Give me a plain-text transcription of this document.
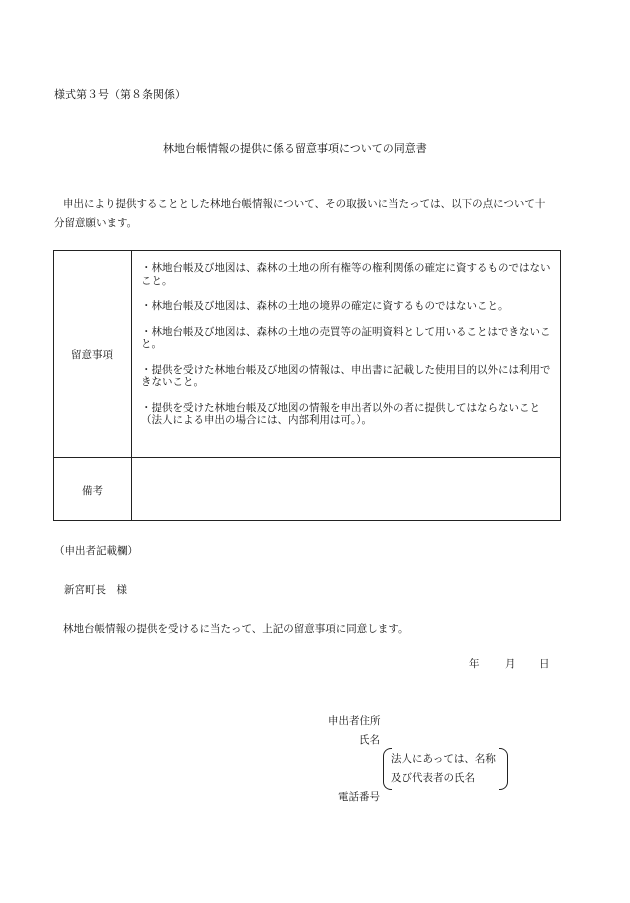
様式第３号（第８条関係）
林地台帳情報の提供に係る留意事項についての同意書
申出により提供することとした林地台帳情報について、その取扱いに当たっては、以下の点について十
分留意願います。
留意事項
・林地台帳及び地図は、森林の土地の所有権等の権利関係の確定に資するものではないこと。
・林地台帳及び地図は、森林の土地の境界の確定に資するものではないこと。
・林地台帳及び地図は、森林の土地の売買等の証明資料として用いることはできないこと。
・提供を受けた林地台帳及び地図の情報は、申出書に記載した使用目的以外には利用できないこと。
・提供を受けた林地台帳及び地図の情報を申出者以外の者に提供してはならないこと（法人による申出の場合には、内部利用は可。）。
備考
（申出者記載欄）
新宮町長　様
林地台帳情報の提供を受けるに当たって、上記の留意事項に同意します。
年 月 日
申出者住所
氏名
法人にあっては、名称
及び代表者の氏名
電話番号
